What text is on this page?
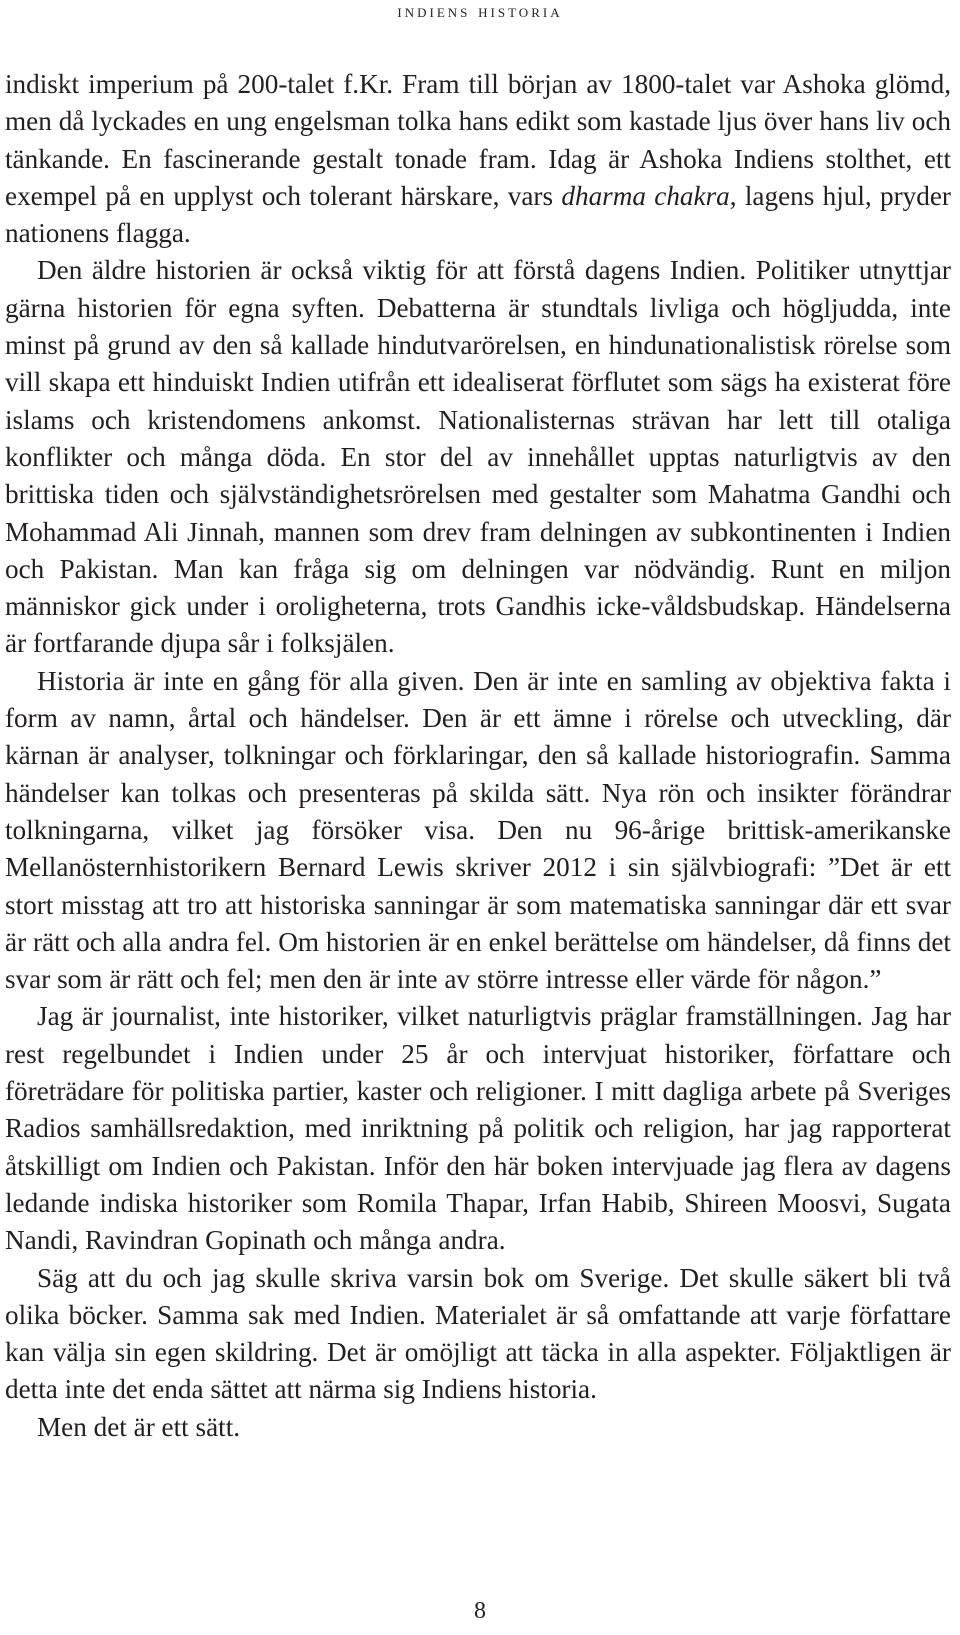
indiens historia

indiskt imperium på 200-talet f.Kr. Fram till början av 1800-talet var Ashoka glömd, men då lyckades en ung engelsman tolka hans edikt som kastade ljus över hans liv och tänkande. En fascinerande gestalt tonade fram. Idag är Ashoka Indiens stolthet, ett exempel på en upplyst och tolerant härskare, vars dharma chakra, lagens hjul, pryder nationens flagga.

Den äldre historien är också viktig för att förstå dagens Indien. Politiker utnyttjar gärna historien för egna syften. Debatterna är stundtals livliga och högljudda, inte minst på grund av den så kallade hindutvarörelsen, en hindunationalistisk rörelse som vill skapa ett hinduiskt Indien utifrån ett idealiserat förflutet som sägs ha existerat före islams och kristendomens ankomst. Nationalisternas strävan har lett till otaliga konflikter och många döda. En stor del av innehållet upptas naturligtvis av den brittiska tiden och självständighetsrörelsen med gestalter som Mahatma Gandhi och Mohammad Ali Jinnah, mannen som drev fram delningen av subkontinenten i Indien och Pakistan. Man kan fråga sig om delningen var nödvändig. Runt en miljon människor gick under i oroligheterna, trots Gandhis icke-våldsbudskap. Händelserna är fortfarande djupa sår i folksjälen.

Historia är inte en gång för alla given. Den är inte en samling av objektiva fakta i form av namn, årtal och händelser. Den är ett ämne i rörelse och utveckling, där kärnan är analyser, tolkningar och förklaringar, den så kallade historiografin. Samma händelser kan tolkas och presenteras på skilda sätt. Nya rön och insikter förändrar tolkningarna, vilket jag försöker visa. Den nu 96-årige brittisk-amerikanske Mellanösternhistorikern Bernard Lewis skriver 2012 i sin självbiografi: ”Det är ett stort misstag att tro att historiska sanningar är som matematiska sanningar där ett svar är rätt och alla andra fel. Om historien är en enkel berättelse om händelser, då finns det svar som är rätt och fel; men den är inte av större intresse eller värde för någon.”

Jag är journalist, inte historiker, vilket naturligtvis präglar framställningen. Jag har rest regelbundet i Indien under 25 år och intervjuat historiker, författare och företrädare för politiska partier, kaster och religioner. I mitt dagliga arbete på Sveriges Radios samhällsredaktion, med inriktning på politik och religion, har jag rapporterat åtskilligt om Indien och Pakistan. Inför den här boken intervjuade jag flera av dagens ledande indiska historiker som Romila Thapar, Irfan Habib, Shireen Moosvi, Sugata Nandi, Ravindran Gopinath och många andra.

Säg att du och jag skulle skriva varsin bok om Sverige. Det skulle säkert bli två olika böcker. Samma sak med Indien. Materialet är så omfattande att varje författare kan välja sin egen skildring. Det är omöjligt att täcka in alla aspekter. Följaktligen är detta inte det enda sättet att närma sig Indiens historia.

Men det är ett sätt.

8
